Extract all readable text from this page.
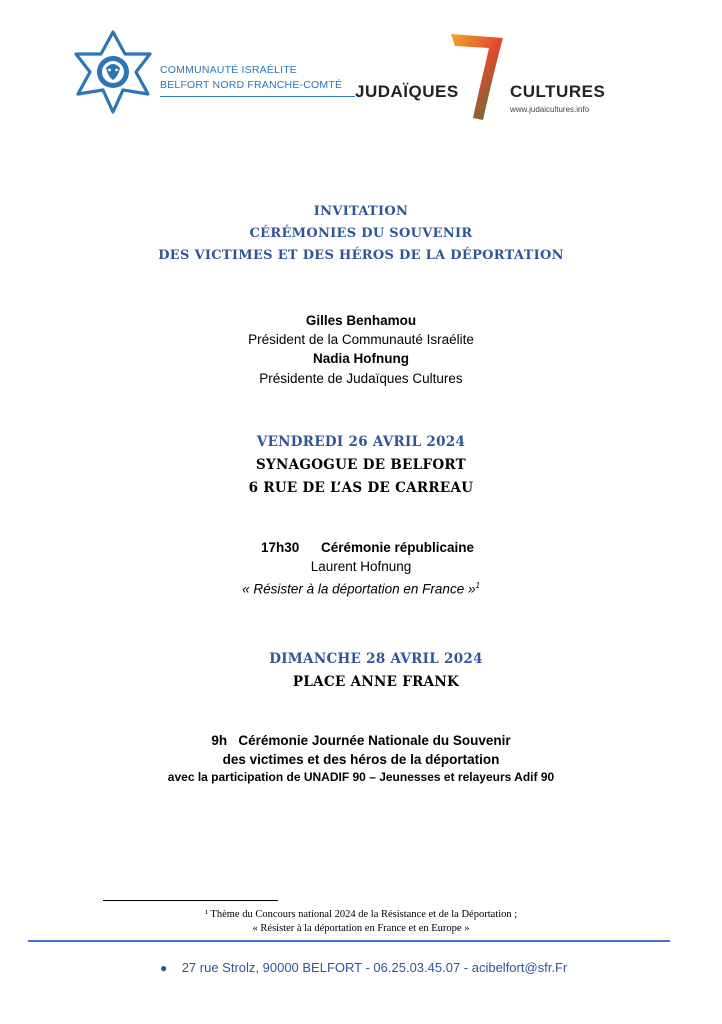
COMMUNAUTÉ ISRAÉLITE
BELFORT NORD FRANCHE-COMTÉ JUDAÏQUES	CULTURES
www.judaicultures.info
INVITATION
CÉRÉMONIES DU SOUVENIR
DES VICTIMES ET DES HÉROS DE LA DÉPORTATION
Gilles Benhamou
Président de la Communauté Israélite
Nadia Hofnung
Présidente de Judaïques Cultures
VENDREDI 26 AVRIL 2024
SYNAGOGUE DE BELFORT
6 RUE DE L’AS DE CARREAU
17h30 Cérémonie républicaine
Laurent Hofnung
« Résister à la déportation en France »$^1$
DIMANCHE 28 AVRIL 2024
PLACE ANNE FRANK
9h Cérémonie Journée Nationale du Souvenir
des victimes et des héros de la déportation
avec la participation de UNADIF 90 – Jeunesses et relayeurs Adif 90
¹ Thème du Concours national 2024 de la Résistance et de la Déportation ;
« Résister à la déportation en France et en Europe »
● 27 rue Strolz, 90000 BELFORT - 06.25.03.45.07 - acibelfort@sfr.Fr
